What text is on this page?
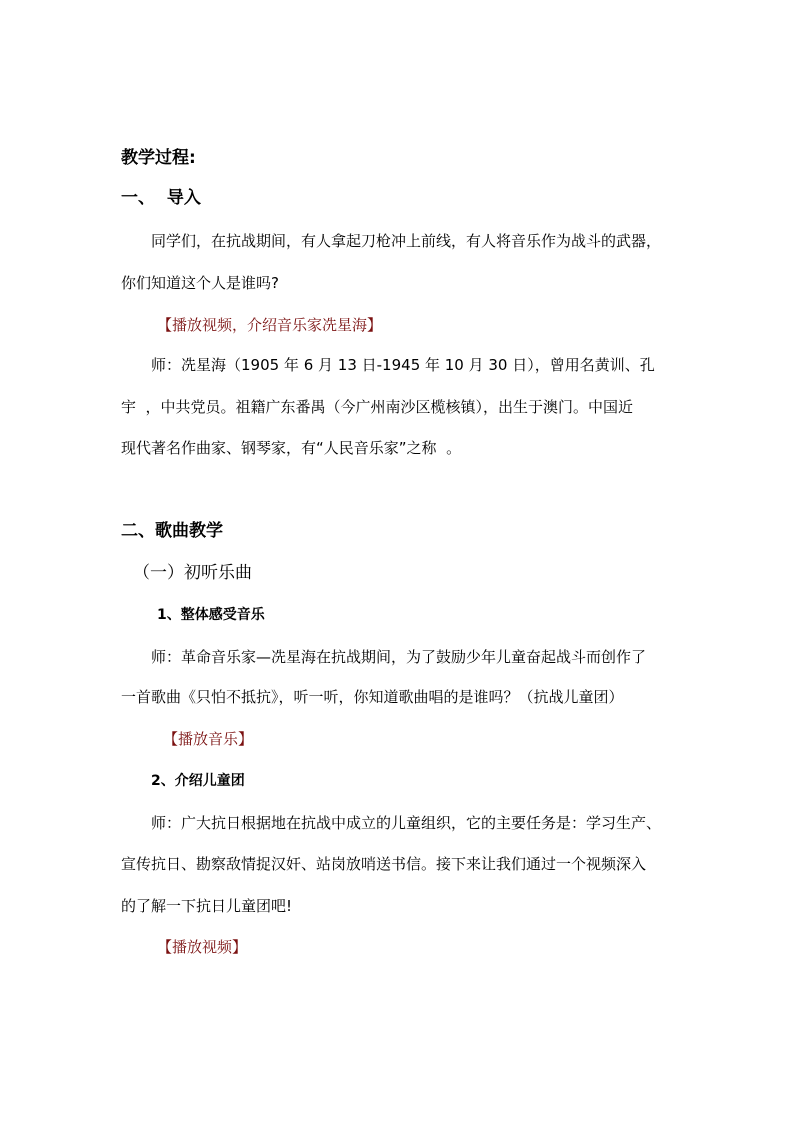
教学过程:
一、  导入
同学们，在抗战期间，有人拿起刀枪冲上前线，有人将音乐作为战斗的武器，
你们知道这个人是谁吗?
【播放视频，介绍音乐家冼星海】
师：冼星海（1905 年 6 月 13 日-1945 年 10 月 30 日），曾用名黄训、孔
宇  ，中共党员。祖籍广东番禺（今广州南沙区榄核镇），出生于澳门。中国近
现代著名作曲家、钢琴家，有“人民音乐家”之称  。
二、歌曲教学
（一）初听乐曲
1、整体感受音乐
师：革命音乐家—冼星海在抗战期间，为了鼓励少年儿童奋起战斗而创作了
一首歌曲《只怕不抵抗》，听一听，你知道歌曲唱的是谁吗？（抗战儿童团）
【播放音乐】
2、介绍儿童团
师：广大抗日根据地在抗战中成立的儿童组织，它的主要任务是：学习生产、
宣传抗日、勘察敌情捉汉奸、站岗放哨送书信。接下来让我们通过一个视频深入
的了解一下抗日儿童团吧!
【播放视频】
